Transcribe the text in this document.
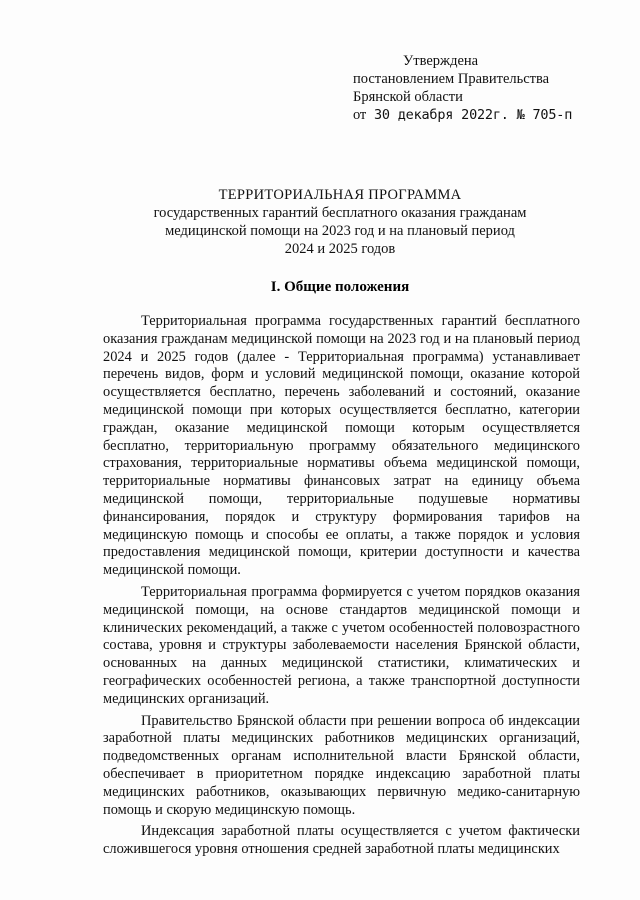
Утверждена
постановлением Правительства
Брянской области
от 30 декабря 2022г. № 705-п
ТЕРРИТОРИАЛЬНАЯ ПРОГРАММА
государственных гарантий бесплатного оказания гражданам
медицинской помощи на 2023 год и на плановый период
2024 и 2025 годов
I. Общие положения

Территориальная программа государственных гарантий бесплатного оказания гражданам медицинской помощи на 2023 год и на плановый период 2024 и 2025 годов (далее - Территориальная программа) устанавливает перечень видов, форм и условий медицинской помощи, оказание которой осуществляется бесплатно, перечень заболеваний и состояний, оказание медицинской помощи при которых осуществляется бесплатно, категории граждан, оказание медицинской помощи которым осуществляется бесплатно, территориальную программу обязательного медицинского страхования, территориальные нормативы объема медицинской помощи, территориальные нормативы финансовых затрат на единицу объема медицинской помощи, территориальные подушевые нормативы финансирования, порядок и структуру формирования тарифов на медицинскую помощь и способы ее оплаты, а также порядок и условия предоставления медицинской помощи, критерии доступности и качества медицинской помощи.

Территориальная программа формируется с учетом порядков оказания медицинской помощи, на основе стандартов медицинской помощи и клинических рекомендаций, а также с учетом особенностей половозрастного состава, уровня и структуры заболеваемости населения Брянской области, основанных на данных медицинской статистики, климатических и географических особенностей региона, а также транспортной доступности медицинских организаций.

Правительство Брянской области при решении вопроса об индексации заработной платы медицинских работников медицинских организаций, подведомственных органам исполнительной власти Брянской области, обеспечивает в приоритетном порядке индексацию заработной платы медицинских работников, оказывающих первичную медико-санитарную помощь и скорую медицинскую помощь.

Индексация заработной платы осуществляется с учетом фактически сложившегося уровня отношения средней заработной платы медицинских
